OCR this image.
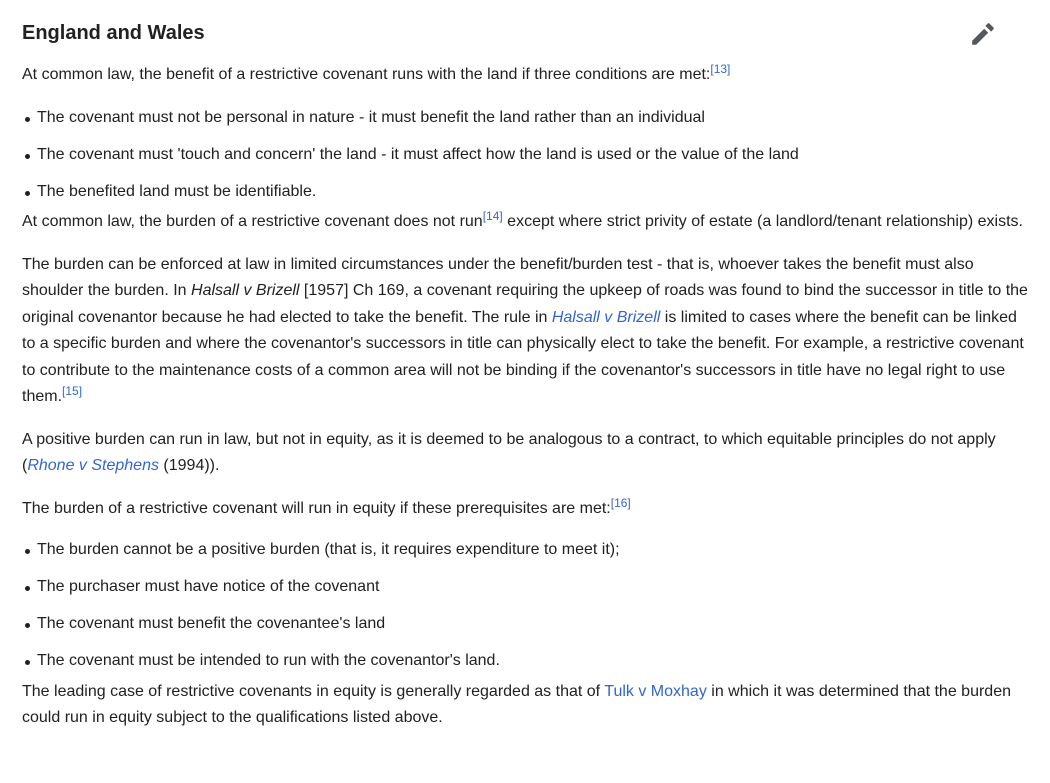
England and Wales

At common law, the benefit of a restrictive covenant runs with the land if three conditions are met:[13]

The covenant must not be personal in nature - it must benefit the land rather than an individual
The covenant must 'touch and concern' the land - it must affect how the land is used or the value of the land
The benefited land must be identifiable.

At common law, the burden of a restrictive covenant does not run[14] except where strict privity of estate (a landlord/tenant relationship) exists.

The burden can be enforced at law in limited circumstances under the benefit/burden test - that is, whoever takes the benefit must also shoulder the burden. In Halsall v Brizell [1957] Ch 169, a covenant requiring the upkeep of roads was found to bind the successor in title to the original covenantor because he had elected to take the benefit. The rule in Halsall v Brizell is limited to cases where the benefit can be linked to a specific burden and where the covenantor's successors in title can physically elect to take the benefit. For example, a restrictive covenant to contribute to the maintenance costs of a common area will not be binding if the covenantor's successors in title have no legal right to use them.[15]

A positive burden can run in law, but not in equity, as it is deemed to be analogous to a contract, to which equitable principles do not apply (Rhone v Stephens (1994)).

The burden of a restrictive covenant will run in equity if these prerequisites are met:[16]

The burden cannot be a positive burden (that is, it requires expenditure to meet it);
The purchaser must have notice of the covenant
The covenant must benefit the covenantee's land
The covenant must be intended to run with the covenantor's land.

The leading case of restrictive covenants in equity is generally regarded as that of Tulk v Moxhay in which it was determined that the burden could run in equity subject to the qualifications listed above.
